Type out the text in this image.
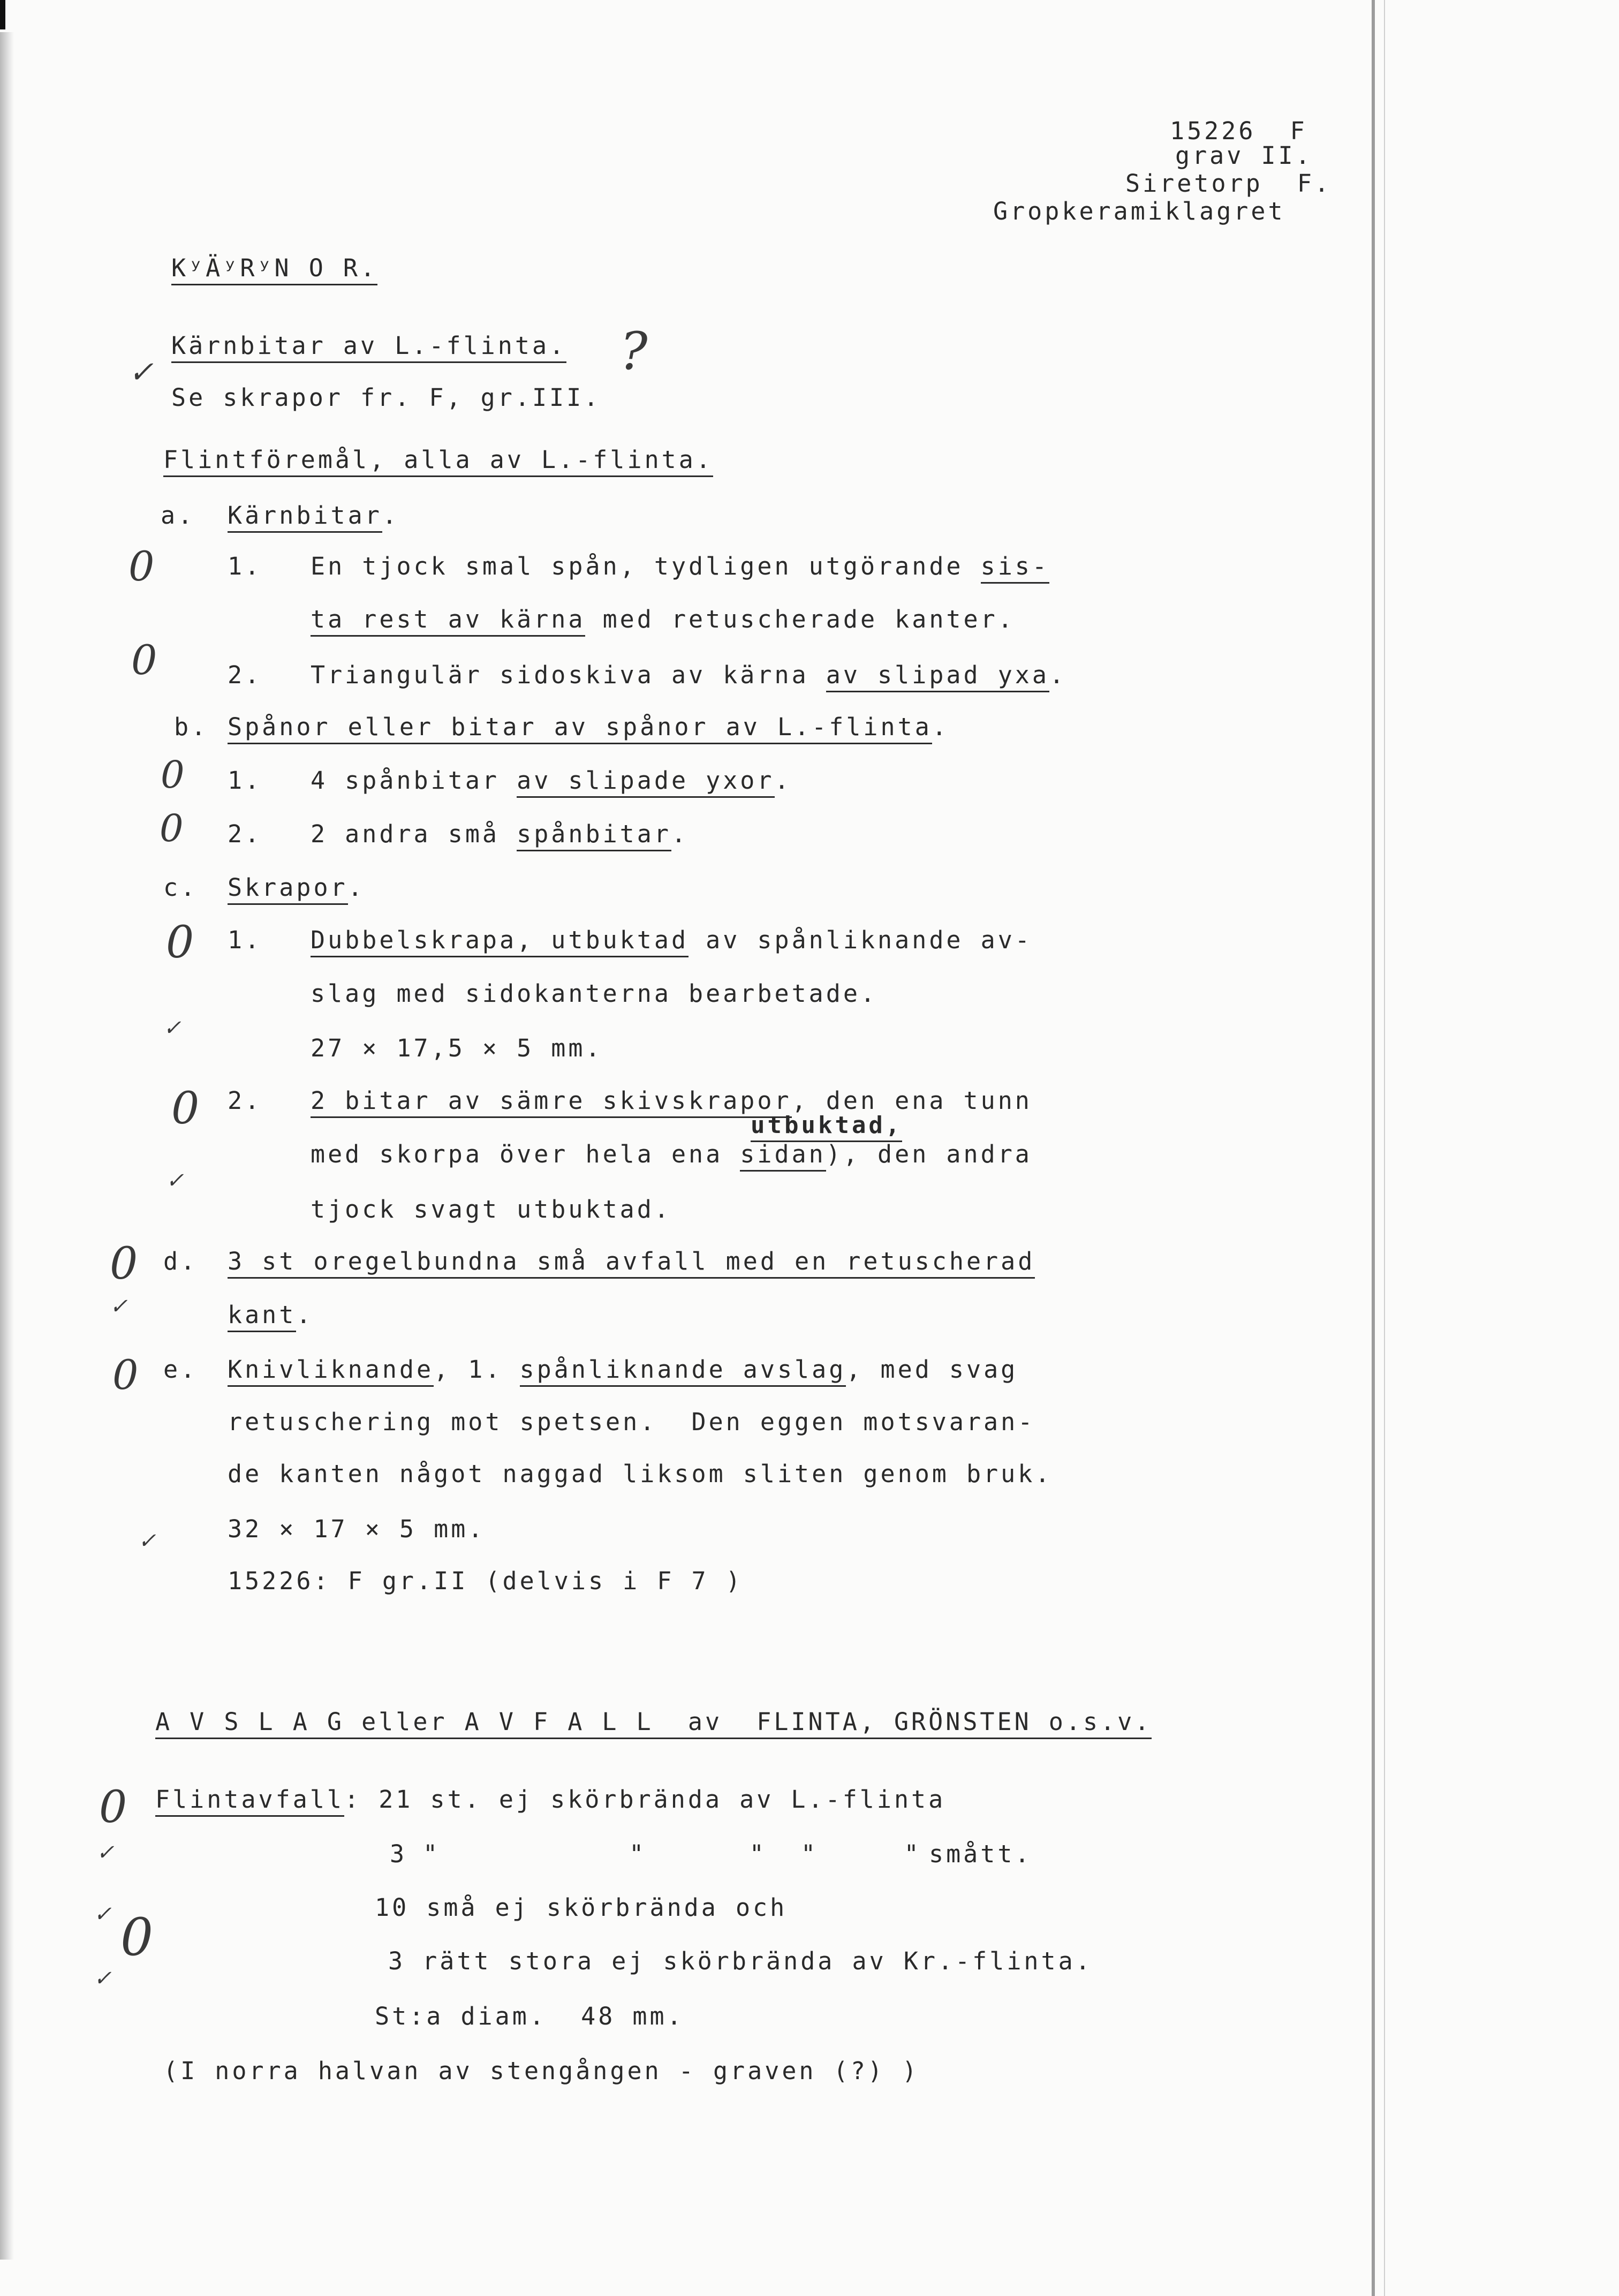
15226  F
grav II.
Siretorp  F.
Gropkeramiklagret
KʸÄʸRʸN O R.
✓
Kärnbitar av L.-flinta. ?
Se skrapor fr. F, gr.III.
Flintföremål, alla av L.-flinta.
a. Kärnbitar.
0	1. En tjock smal spån, tydligen utgörande sis-
ta rest av kärna med retuscherade kanter.
0	2. Triangulär sidoskiva av kärna av slipad yxa.
b. Spånor eller bitar av spånor av L.-flinta.
0 1. 4 spånbitar av slipade yxor.
0 2. 2 andra små spånbitar.
c. Skrapor.
0 1. Dubbelskrapa, utbuktad av spånliknande av-
slag med sidokanterna bearbetade.
✓
27 × 17,5 × 5 mm.
0 2. 2 bitar av sämre skivskrapor, den ena tunn
utbuktad,
med skorpa över hela ena sidan), den andra
✓
tjock svagt utbuktad.
0 d. 3 st oregelbundna små avfall med en retuscherad
✓	kant.
0 e. Knivliknande, 1. spånliknande avslag, med svag
retuschering mot spetsen.  Den eggen motsvaran-
de kanten något naggad liksom sliten genom bruk.
✓	32 × 17 × 5 mm.
15226: F gr.II (delvis i F 7 )
A V S L A G eller A V F A L L  av  FLINTA, GRÖNSTEN o.s.v.
0 Flintavfall: 21 st. ej skörbrända av L.-flinta
✓	3 "           "      "  "     " smått.
✓ 0	10 små ej skörbrända och
✓
3 rätt stora ej skörbrända av Kr.-flinta.
St:a diam.  48 mm.
(I norra halvan av stengången - graven (?) )
